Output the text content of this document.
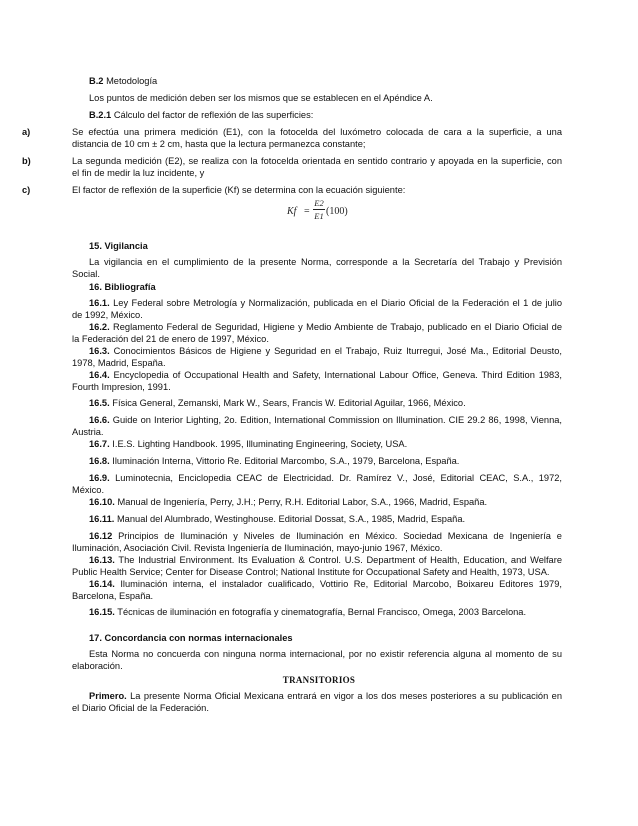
B.2 Metodología
Los puntos de medición deben ser los mismos que se establecen en el Apéndice A.
B.2.1 Cálculo del factor de reflexión de las superficies:
a)	Se efectúa una primera medición (E1), con la fotocelda del luxómetro colocada de cara a la superficie, a una
distancia de 10 cm ± 2 cm, hasta que la lectura permanezca constante;
b)	La segunda medición (E2), se realiza con la fotocelda orientada en sentido contrario y apoyada en la superficie, con
el fin de medir la luz incidente, y
c)	El factor de reflexión de la superficie (Kf) se determina con la ecuación siguiente:
Kf =
E2
E1 (100)
15. Vigilancia
La vigilancia en el cumplimiento de la presente Norma, corresponde a la Secretaría del Trabajo y Previsión
Social.
16. Bibliografía
16.1. Ley Federal sobre Metrología y Normalización, publicada en el Diario Oficial de la Federación el 1 de julio
de 1992, México.
16.2. Reglamento Federal de Seguridad, Higiene y Medio Ambiente de Trabajo, publicado en el Diario Oficial de
la Federación del 21 de enero de 1997, México.
16.3. Conocimientos Básicos de Higiene y Seguridad en el Trabajo, Ruiz Iturregui, José Ma., Editorial Deusto,
1978, Madrid, España.
16.4. Encyclopedia of Occupational Health and Safety, International Labour Office, Geneva. Third Edition 1983,
Fourth Impresion, 1991.
16.5. Física General, Zemanski, Mark W., Sears, Francis W. Editorial Aguilar, 1966, México.
16.6. Guide on Interior Lighting, 2o. Edition, International Commission on Illumination. CIE 29.2 86, 1998, Vienna,
Austria.
16.7. I.E.S. Lighting Handbook. 1995, Illuminating Engineering, Society, USA.
16.8. Iluminación Interna, Vittorio Re. Editorial Marcombo, S.A., 1979, Barcelona, España.
16.9. Luminotecnia, Enciclopedia CEAC de Electricidad. Dr. Ramírez V., José, Editorial CEAC, S.A., 1972,
México.
16.10. Manual de Ingeniería, Perry, J.H.; Perry, R.H. Editorial Labor, S.A., 1966, Madrid, España.
16.11. Manual del Alumbrado, Westinghouse. Editorial Dossat, S.A., 1985, Madrid, España.
16.12 Principios de Iluminación y Niveles de Iluminación en México. Sociedad Mexicana de Ingeniería e
Iluminación, Asociación Civil. Revista Ingeniería de Iluminación, mayo-junio 1967, México.
16.13. The Industrial Environment. Its Evaluation & Control. U.S. Department of Health, Education, and Welfare
Public Health Service; Center for Disease Control; National Institute for Occupational Safety and Health, 1973, USA.
16.14. Iluminación interna, el instalador cualificado, Vottirio Re, Editorial Marcobo, Boixareu Editores 1979,
Barcelona, España.
16.15. Técnicas de iluminación en fotografía y cinematografía, Bernal Francisco, Omega, 2003 Barcelona.
17. Concordancia con normas internacionales
Esta Norma no concuerda con ninguna norma internacional, por no existir referencia alguna al momento de su
elaboración.
TRANSITORIOS
Primero. La presente Norma Oficial Mexicana entrará en vigor a los dos meses posteriores a su publicación en
el Diario Oficial de la Federación.
